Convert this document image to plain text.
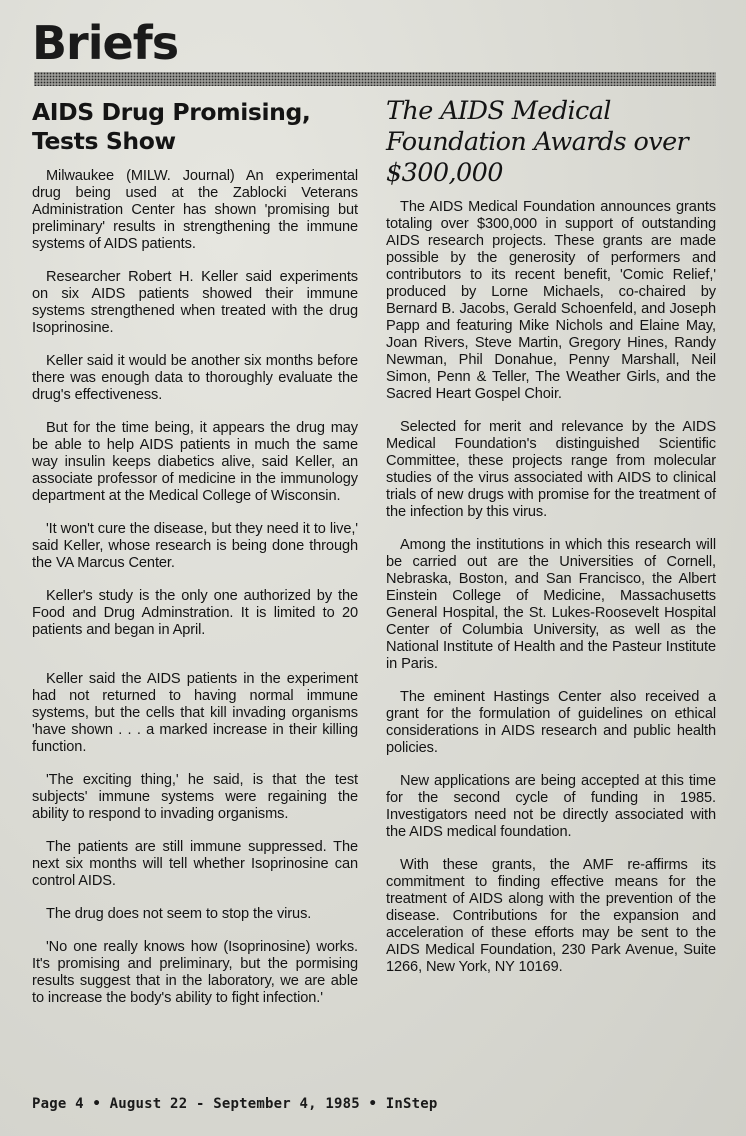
Briefs
AIDS Drug Promising, Tests Show

Milwaukee (MILW. Journal) An experimental drug being used at the Zablocki Veterans Administration Center has shown 'promising but preliminary' results in strengthening the immune systems of AIDS patients.

Researcher Robert H. Keller said experiments on six AIDS patients showed their immune systems strengthened when treated with the drug Isoprinosine.

Keller said it would be another six months before there was enough data to thoroughly evaluate the drug's effectiveness.

But for the time being, it appears the drug may be able to help AIDS patients in much the same way insulin keeps diabetics alive, said Keller, an associate professor of medicine in the immunology department at the Medical College of Wisconsin.

'It won't cure the disease, but they need it to live,' said Keller, whose research is being done through the VA Marcus Center.

Keller's study is the only one authorized by the Food and Drug Adminstration. It is limited to 20 patients and began in April.

Keller said the AIDS patients in the experiment had not returned to having normal immune systems, but the cells that kill invading organisms 'have shown . . . a marked increase in their killing function.

'The exciting thing,' he said, is that the test subjects' immune systems were regaining the ability to respond to invading organisms.

The patients are still immune suppressed. The next six months will tell whether Isoprinosine can control AIDS.

The drug does not seem to stop the virus.

'No one really knows how (Isoprinosine) works. It's promising and preliminary, but the pormising results suggest that in the laboratory, we are able to increase the body's ability to fight infection.'

The AIDS Medical Foundation Awards over $300,000

The AIDS Medical Foundation announces grants totaling over $300,000 in support of outstanding AIDS research projects. These grants are made possible by the generosity of performers and contributors to its recent benefit, 'Comic Relief,' produced by Lorne Michaels, co-chaired by Bernard B. Jacobs, Gerald Schoenfeld, and Joseph Papp and featuring Mike Nichols and Elaine May, Joan Rivers, Steve Martin, Gregory Hines, Randy Newman, Phil Donahue, Penny Marshall, Neil Simon, Penn & Teller, The Weather Girls, and the Sacred Heart Gospel Choir.

Selected for merit and relevance by the AIDS Medical Foundation's distinguished Scientific Committee, these projects range from molecular studies of the virus associated with AIDS to clinical trials of new drugs with promise for the treatment of the infection by this virus.

Among the institutions in which this research will be carried out are the Universities of Cornell, Nebraska, Boston, and San Francisco, the Albert Einstein College of Medicine, Massachusetts General Hospital, the St. Lukes-Roosevelt Hospital Center of Columbia University, as well as the National Institute of Health and the Pasteur Institute in Paris.

The eminent Hastings Center also received a grant for the formulation of guidelines on ethical considerations in AIDS research and public health policies.

New applications are being accepted at this time for the second cycle of funding in 1985. Investigators need not be directly associated with the AIDS medical foundation.

With these grants, the AMF re-affirms its commitment to finding effective means for the treatment of AIDS along with the prevention of the disease. Contributions for the expansion and acceleration of these efforts may be sent to the AIDS Medical Foundation, 230 Park Avenue, Suite 1266, New York, NY 10169.

Page 4 • August 22 - September 4, 1985 • InStep
